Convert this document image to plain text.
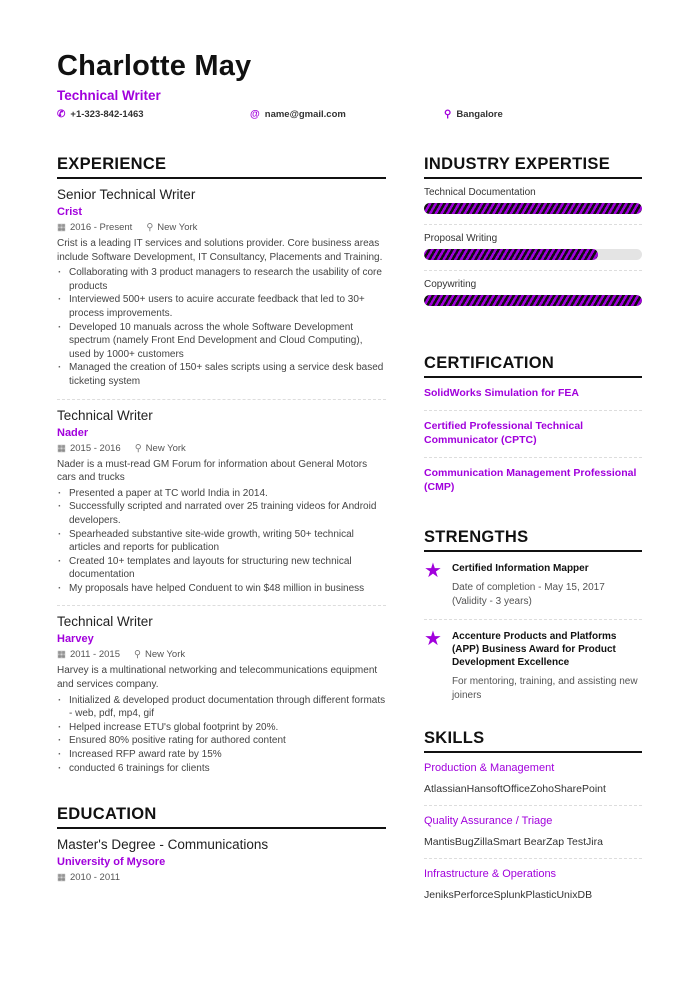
Charlotte May
Technical Writer
✆ +1-323-842-1463	@ name@gmail.com	⚲ Bangalore
EXPERIENCE
Senior Technical Writer
Crist
▦ 2016 - Present ⚲ New York
Crist is a leading IT services and solutions provider. Core business areas include Software Development, IT Consultancy, Placements and Training.
· Collaborating with 3 product managers to research the usability of core products
· Interviewed 500+ users to acuire accurate feedback that led to 30+ process improvements.
· Developed 10 manuals across the whole Software Development spectrum (namely Front End Development and Cloud Computing), used by 1000+ customers
· Managed the creation of 150+ sales scripts using a service desk based ticketing system
Technical Writer
Nader
▦ 2015 - 2016 ⚲ New York
Nader is a must-read GM Forum for information about General Motors cars and trucks
· Presented a paper at TC world India in 2014.
· Successfully scripted and narrated over 25 training videos for Android developers.
· Spearheaded substantive site-wide growth, writing 50+ technical articles and reports for publication
· Created 10+ templates and layouts for structuring new technical documentation
· My proposals have helped Conduent to win $48 million in business
Technical Writer
Harvey
▦ 2011 - 2015 ⚲ New York
Harvey is a multinational networking and telecommunications equipment and services company.
· Initialized & developed product documentation through different formats - web, pdf, mp4, gif
· Helped increase ETU's global footprint by 20%.
· Ensured 80% positive rating for authored content
· Increased RFP award rate by 15%
· conducted 6 trainings for clients
EDUCATION
Master's Degree - Communications
University of Mysore
▦ 2010 - 2011
INDUSTRY EXPERTISE
Technical Documentation
Proposal Writing
Copywriting
CERTIFICATION
SolidWorks Simulation for FEA
Certified Professional Technical Communicator (CPTC)
Communication Management Professional (CMP)
STRENGTHS
★ Certified Information Mapper
Date of completion - May 15, 2017 (Validity - 3 years)
★ Accenture Products and Platforms (APP) Business Award for Product Development Excellence
For mentoring, training, and assisting new joiners
SKILLS
Production & Management
AtlassianHansoftOfficeZohoSharePoint
Quality Assurance / Triage
MantisBugZillaSmart BearZap TestJira
Infrastructure & Operations
JeniksPerforceSplunkPlasticUnixDB
